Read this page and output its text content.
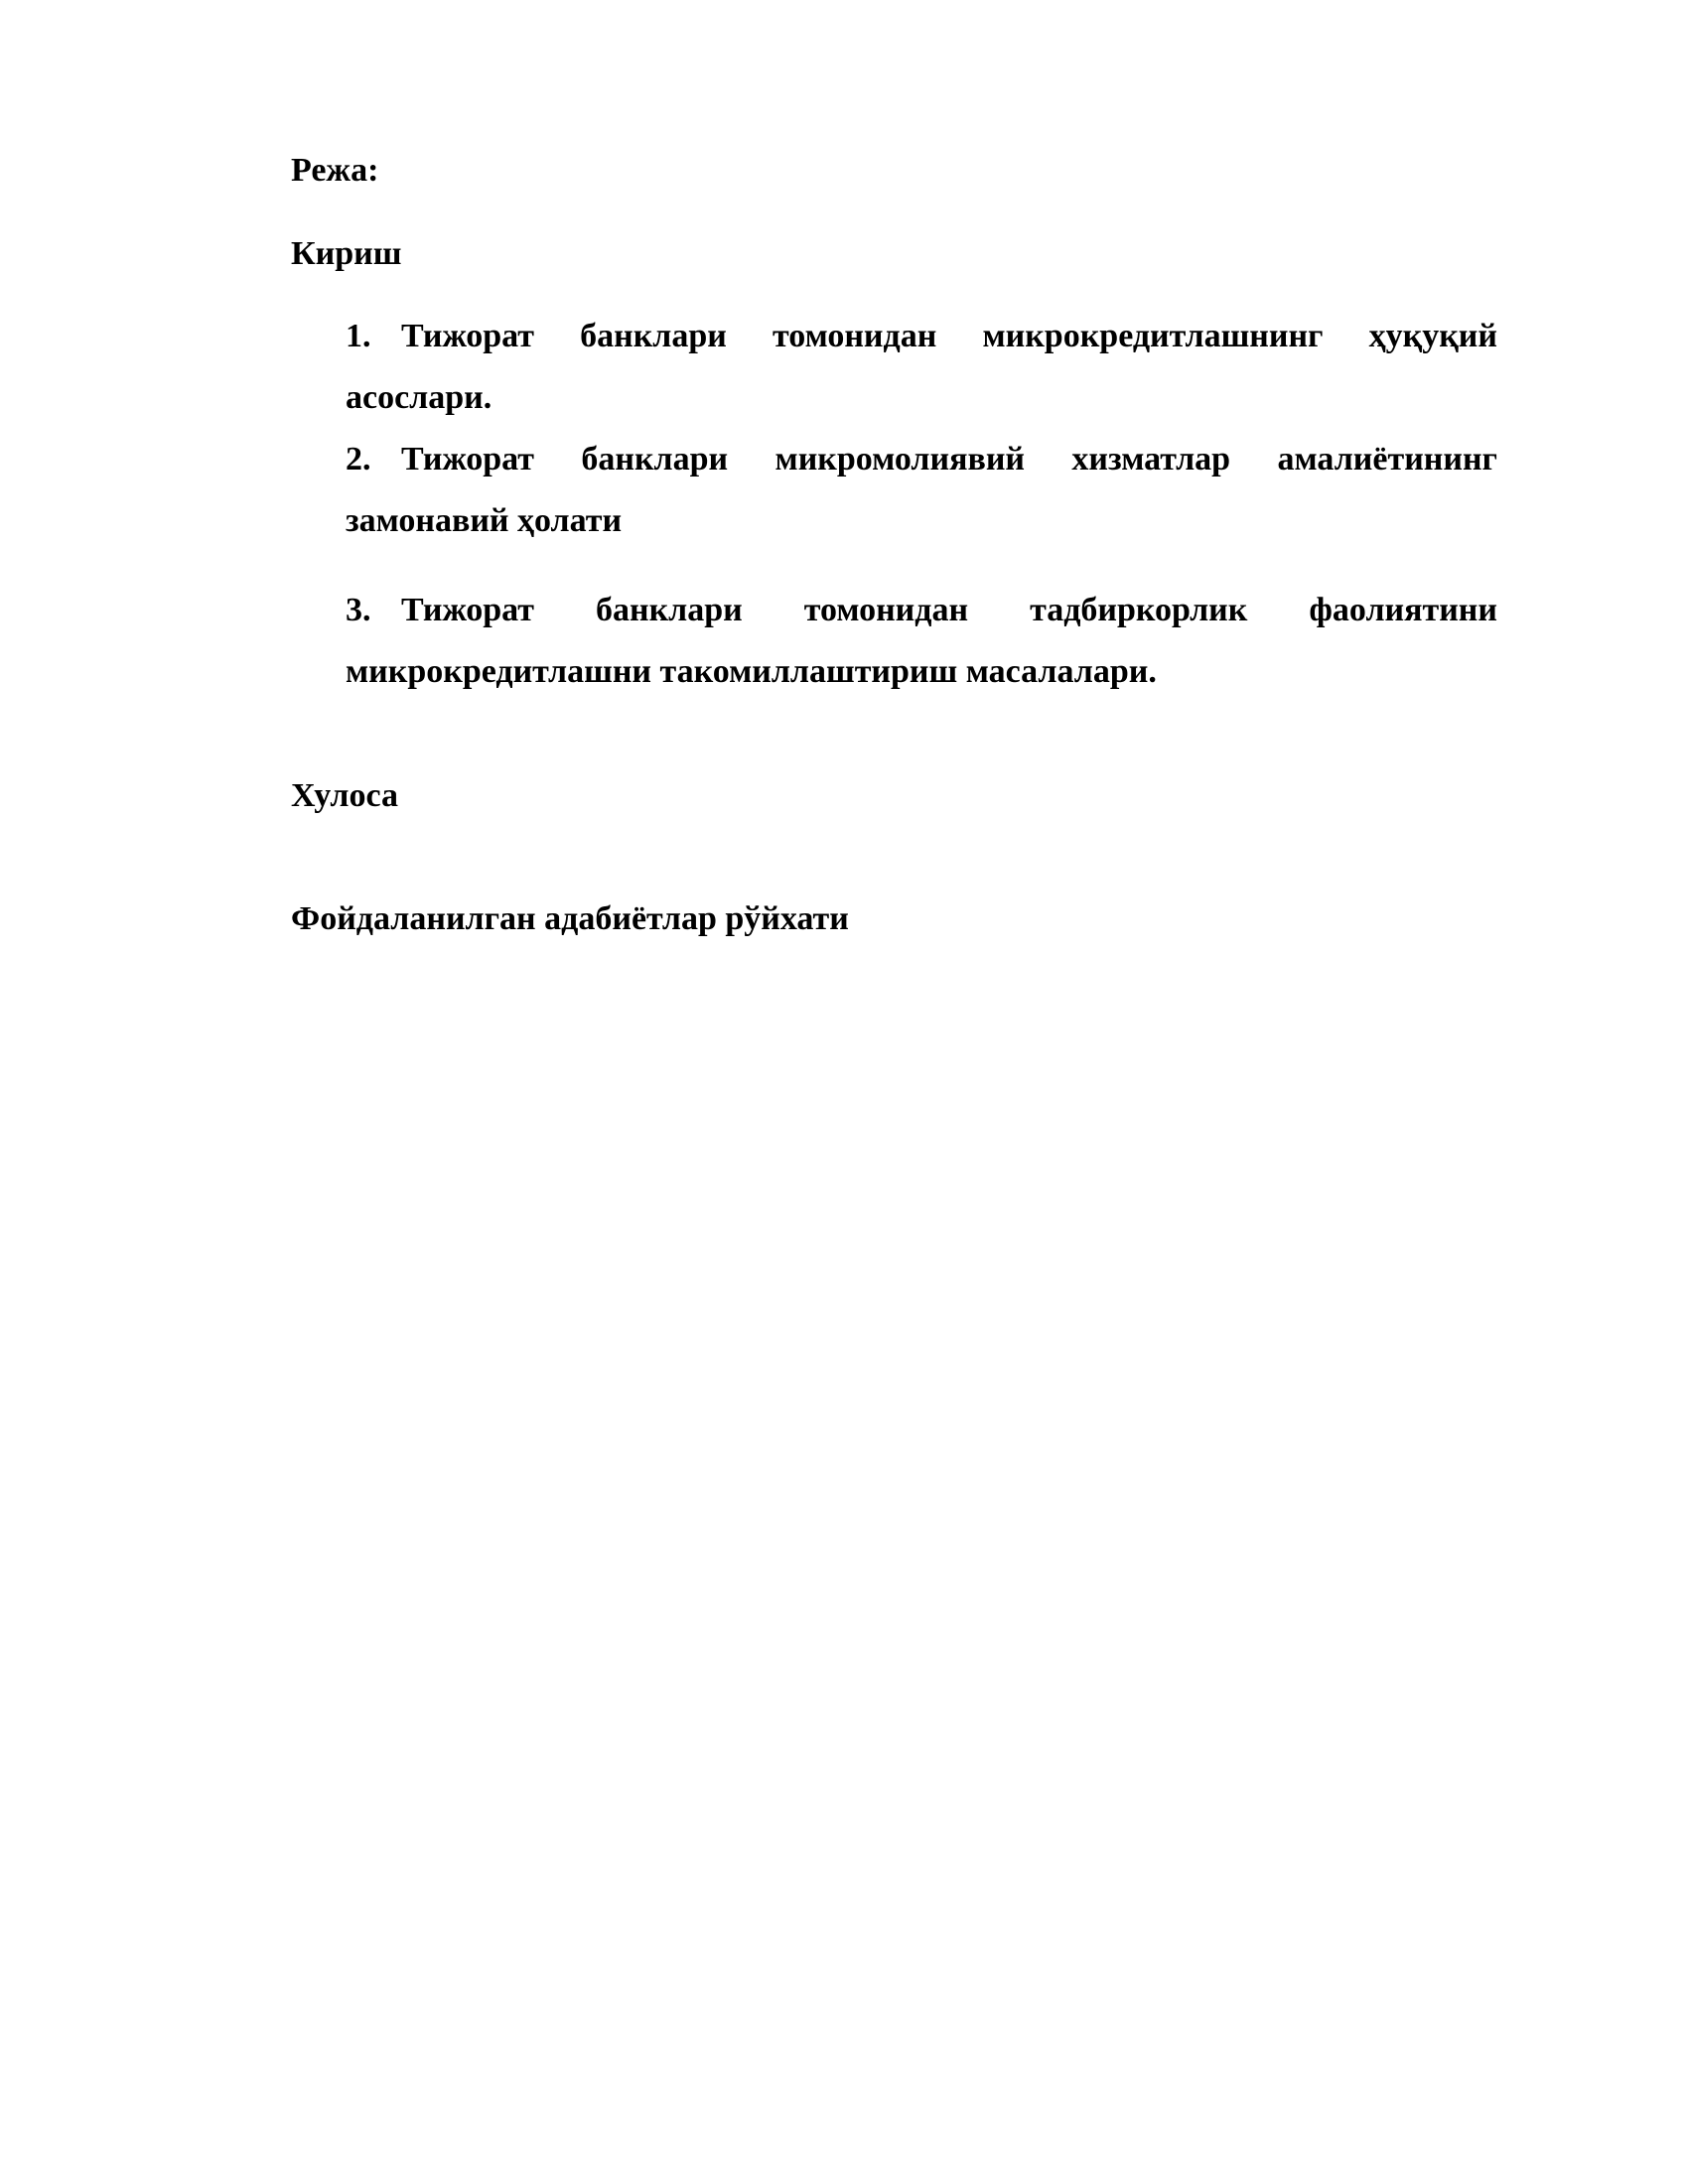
Режа:

Кириш

1. Тижорат банклари томонидан микрокредитлашнинг ҳуқуқий асослари.

2. Тижорат банклари микромолиявий хизматлар амалиётининг замонавий ҳолати

3. Тижорат банклари томонидан тадбиркорлик фаолиятини микрокредитлашни такомиллаштириш масалалари.

Хулоса

Фойдаланилган адабиётлар рўйхати
